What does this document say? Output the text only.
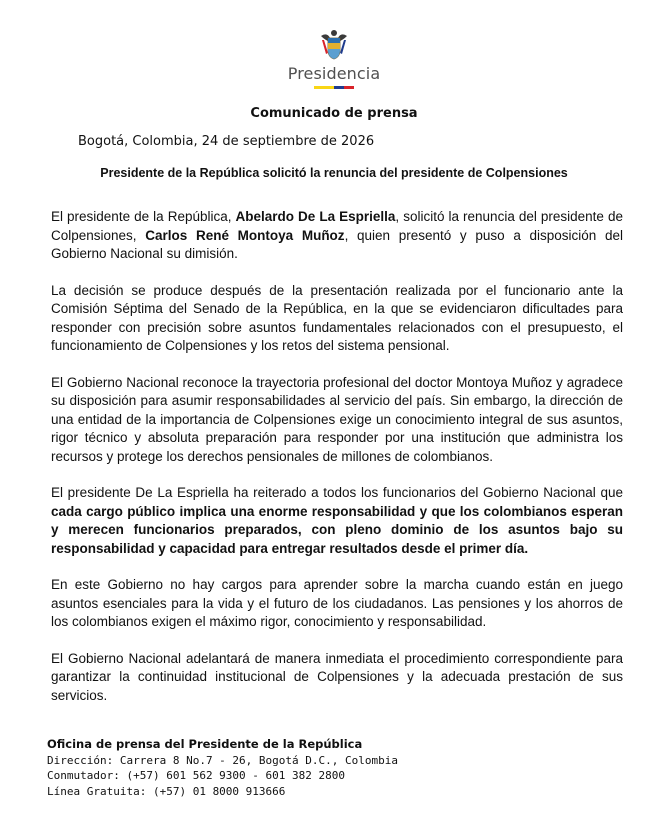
Presidencia
Comunicado de prensa
Bogotá, Colombia, 24 de septiembre de 2026
Presidente de la República solicitó la renuncia del presidente de Colpensiones

El presidente de la República, Abelardo De La Espriella, solicitó la renuncia del presidente de Colpensiones, Carlos René Montoya Muñoz, quien presentó y puso a disposición del Gobierno Nacional su dimisión.

La decisión se produce después de la presentación realizada por el funcionario ante la Comisión Séptima del Senado de la República, en la que se evidenciaron dificultades para responder con precisión sobre asuntos fundamentales relacionados con el presupuesto, el funcionamiento de Colpensiones y los retos del sistema pensional.

El Gobierno Nacional reconoce la trayectoria profesional del doctor Montoya Muñoz y agradece su disposición para asumir responsabilidades al servicio del país. Sin embargo, la dirección de una entidad de la importancia de Colpensiones exige un conocimiento integral de sus asuntos, rigor técnico y absoluta preparación para responder por una institución que administra los recursos y protege los derechos pensionales de millones de colombianos.

El presidente De La Espriella ha reiterado a todos los funcionarios del Gobierno Nacional que cada cargo público implica una enorme responsabilidad y que los colombianos esperan y merecen funcionarios preparados, con pleno dominio de los asuntos bajo su responsabilidad y capacidad para entregar resultados desde el primer día.

En este Gobierno no hay cargos para aprender sobre la marcha cuando están en juego asuntos esenciales para la vida y el futuro de los ciudadanos. Las pensiones y los ahorros de los colombianos exigen el máximo rigor, conocimiento y responsabilidad.

El Gobierno Nacional adelantará de manera inmediata el procedimiento correspondiente para garantizar la continuidad institucional de Colpensiones y la adecuada prestación de sus servicios.

Oficina de prensa del Presidente de la República
Dirección: Carrera 8 No.7 - 26, Bogotá D.C., Colombia
Conmutador: (+57) 601 562 9300 - 601 382 2800
Línea Gratuita: (+57) 01 8000 913666
